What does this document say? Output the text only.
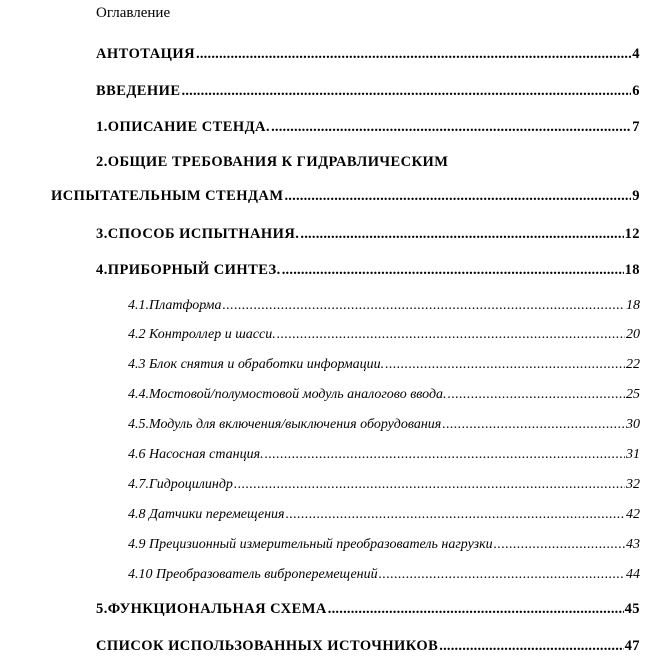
Оглавление
АНТОТАЦИЯ .....	4
ВВЕДЕНИЕ .....	6
1.ОПИСАНИЕ СТЕНДА. .....	7
2.ОБЩИЕ ТРЕБОВАНИЯ К ГИДРАВЛИЧЕСКИМ
ИСПЫТАТЕЛЬНЫМ СТЕНДАМ .....	9
3.СПОСОБ ИСПЫТНАНИЯ. .....	12
4.ПРИБОРНЫЙ СИНТЕЗ. .....	18
4.1.Платформа .....	18
4.2 Контроллер и шасси. .....	20
4.3 Блок снятия и обработки информации. .....	22
4.4.Мостовой/полумостовой модуль аналогово ввода. .....	25
4.5.Модуль для включения/выключения оборудования .....	30
4.6 Насосная станция. .....	31
4.7.Гидроцилиндр .....	32
4.8 Датчики перемещения .....	42
4.9 Прецизионный измерительный преобразователь нагрузки .....	43
4.10 Преобразователь виброперемещений .....	44
5.ФУНКЦИОНАЛЬНАЯ СХЕМА .....	45
СПИСОК ИСПОЛЬЗОВАННЫХ ИСТОЧНИКОВ .....	47
